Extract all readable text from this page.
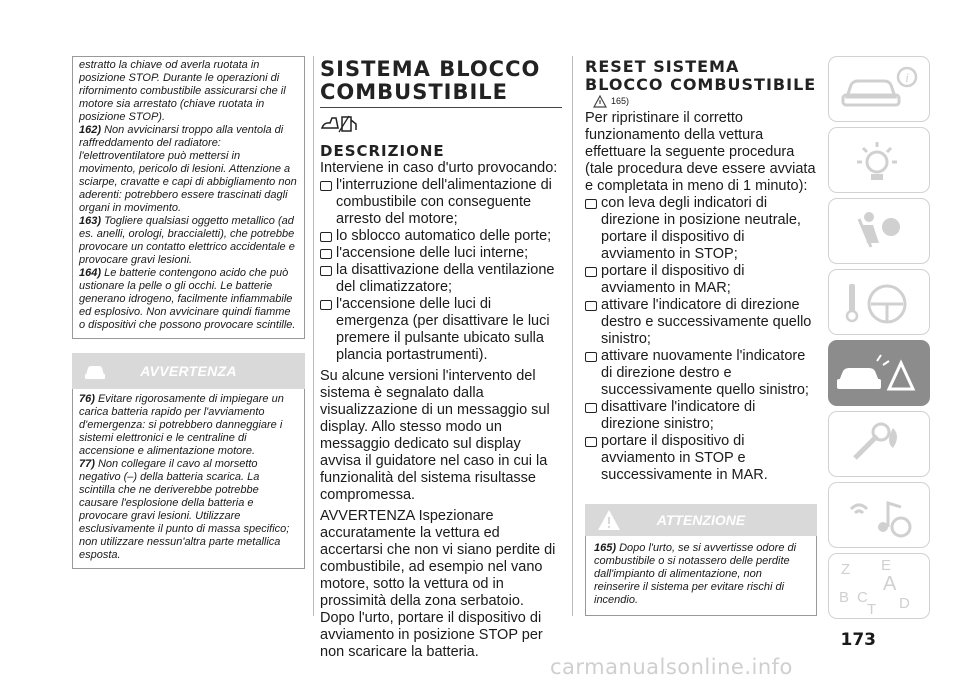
estratto la chiave od averla ruotata in posizione STOP. Durante le operazioni di rifornimento combustibile assicurarsi che il motore sia arrestato (chiave ruotata in posizione STOP).

162) Non avvicinarsi troppo alla ventola di raffreddamento del radiatore: l'elettroventilatore può mettersi in movimento, pericolo di lesioni. Attenzione a sciarpe, cravatte e capi di abbigliamento non aderenti: potrebbero essere trascinati dagli organi in movimento.

163) Togliere qualsiasi oggetto metallico (ad es. anelli, orologi, braccialetti), che potrebbe provocare un contatto elettrico accidentale e provocare gravi lesioni.

164) Le batterie contengono acido che può ustionare la pelle o gli occhi. Le batterie generano idrogeno, facilmente infiammabile ed esplosivo. Non avvicinare quindi fiamme o dispositivi che possono provocare scintille.

AVVERTENZA

76) Evitare rigorosamente di impiegare un carica batteria rapido per l'avviamento d'emergenza: si potrebbero danneggiare i sistemi elettronici e le centraline di accensione e alimentazione motore.

77) Non collegare il cavo al morsetto negativo (–) della batteria scarica. La scintilla che ne deriverebbe potrebbe causare l'esplosione della batteria e provocare gravi lesioni. Utilizzare esclusivamente il punto di massa specifico; non utilizzare nessun'altra parte metallica esposta.

SISTEMA BLOCCO
COMBUSTIBILE
DESCRIZIONE

Interviene in caso d'urto provocando:

l'interruzione dell'alimentazione di combustibile con conseguente arresto del motore;
lo sblocco automatico delle porte;
l'accensione delle luci interne;
la disattivazione della ventilazione del climatizzatore;
l'accensione delle luci di emergenza (per disattivare le luci premere il pulsante ubicato sulla plancia portastrumenti).

Su alcune versioni l'intervento del sistema è segnalato dalla visualizzazione di un messaggio sul display. Allo stesso modo un messaggio dedicato sul display avvisa il guidatore nel caso in cui la funzionalità del sistema risultasse compromessa.

AVVERTENZA Ispezionare accuratamente la vettura ed accertarsi che non vi siano perdite di combustibile, ad esempio nel vano motore, sotto la vettura od in prossimità della zona serbatoio. Dopo l'urto, portare il dispositivo di avviamento in posizione STOP per non scaricare la batteria.

RESET SISTEMA
BLOCCO COMBUSTIBILE
165)

Per ripristinare il corretto funzionamento della vettura effettuare la seguente procedura (tale procedura deve essere avviata e completata in meno di 1 minuto):

con leva degli indicatori di direzione in posizione neutrale, portare il dispositivo di avviamento in STOP;
portare il dispositivo di avviamento in MAR;
attivare l'indicatore di direzione destro e successivamente quello sinistro;
attivare nuovamente l'indicatore di direzione destro e successivamente quello sinistro;
disattivare l'indicatore di direzione sinistro;
portare il dispositivo di avviamento in STOP e successivamente in MAR.
ATTENZIONE

165) Dopo l'urto, se si avvertisse odore di combustibile o si notassero delle perdite dall'impianto di alimentazione, non reinserire il sistema per evitare rischi di incendio.

i
Z E
B
A
C
T D
173
carmanualsonline.info
